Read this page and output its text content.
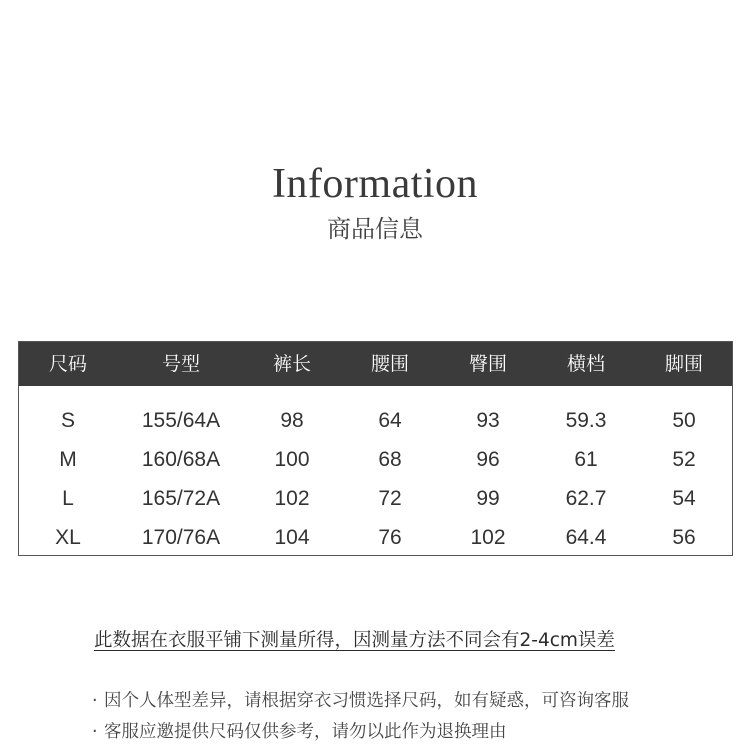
Information
商品信息
尺码	号型	裤长	腰围	臀围	横档	脚围
S	155/64A	98	64	93	59.3	50
M	160/68A	100	68	96	61	52
L	165/72A	102	72	99	62.7	54
XL	170/76A	104	76	102	64.4	56
此数据在衣服平铺下测量所得，因测量方法不同会有2-4cm误差
· 因个人体型差异，请根据穿衣习惯选择尺码，如有疑惑，可咨询客服
· 客服应邀提供尺码仅供参考，请勿以此作为退换理由
